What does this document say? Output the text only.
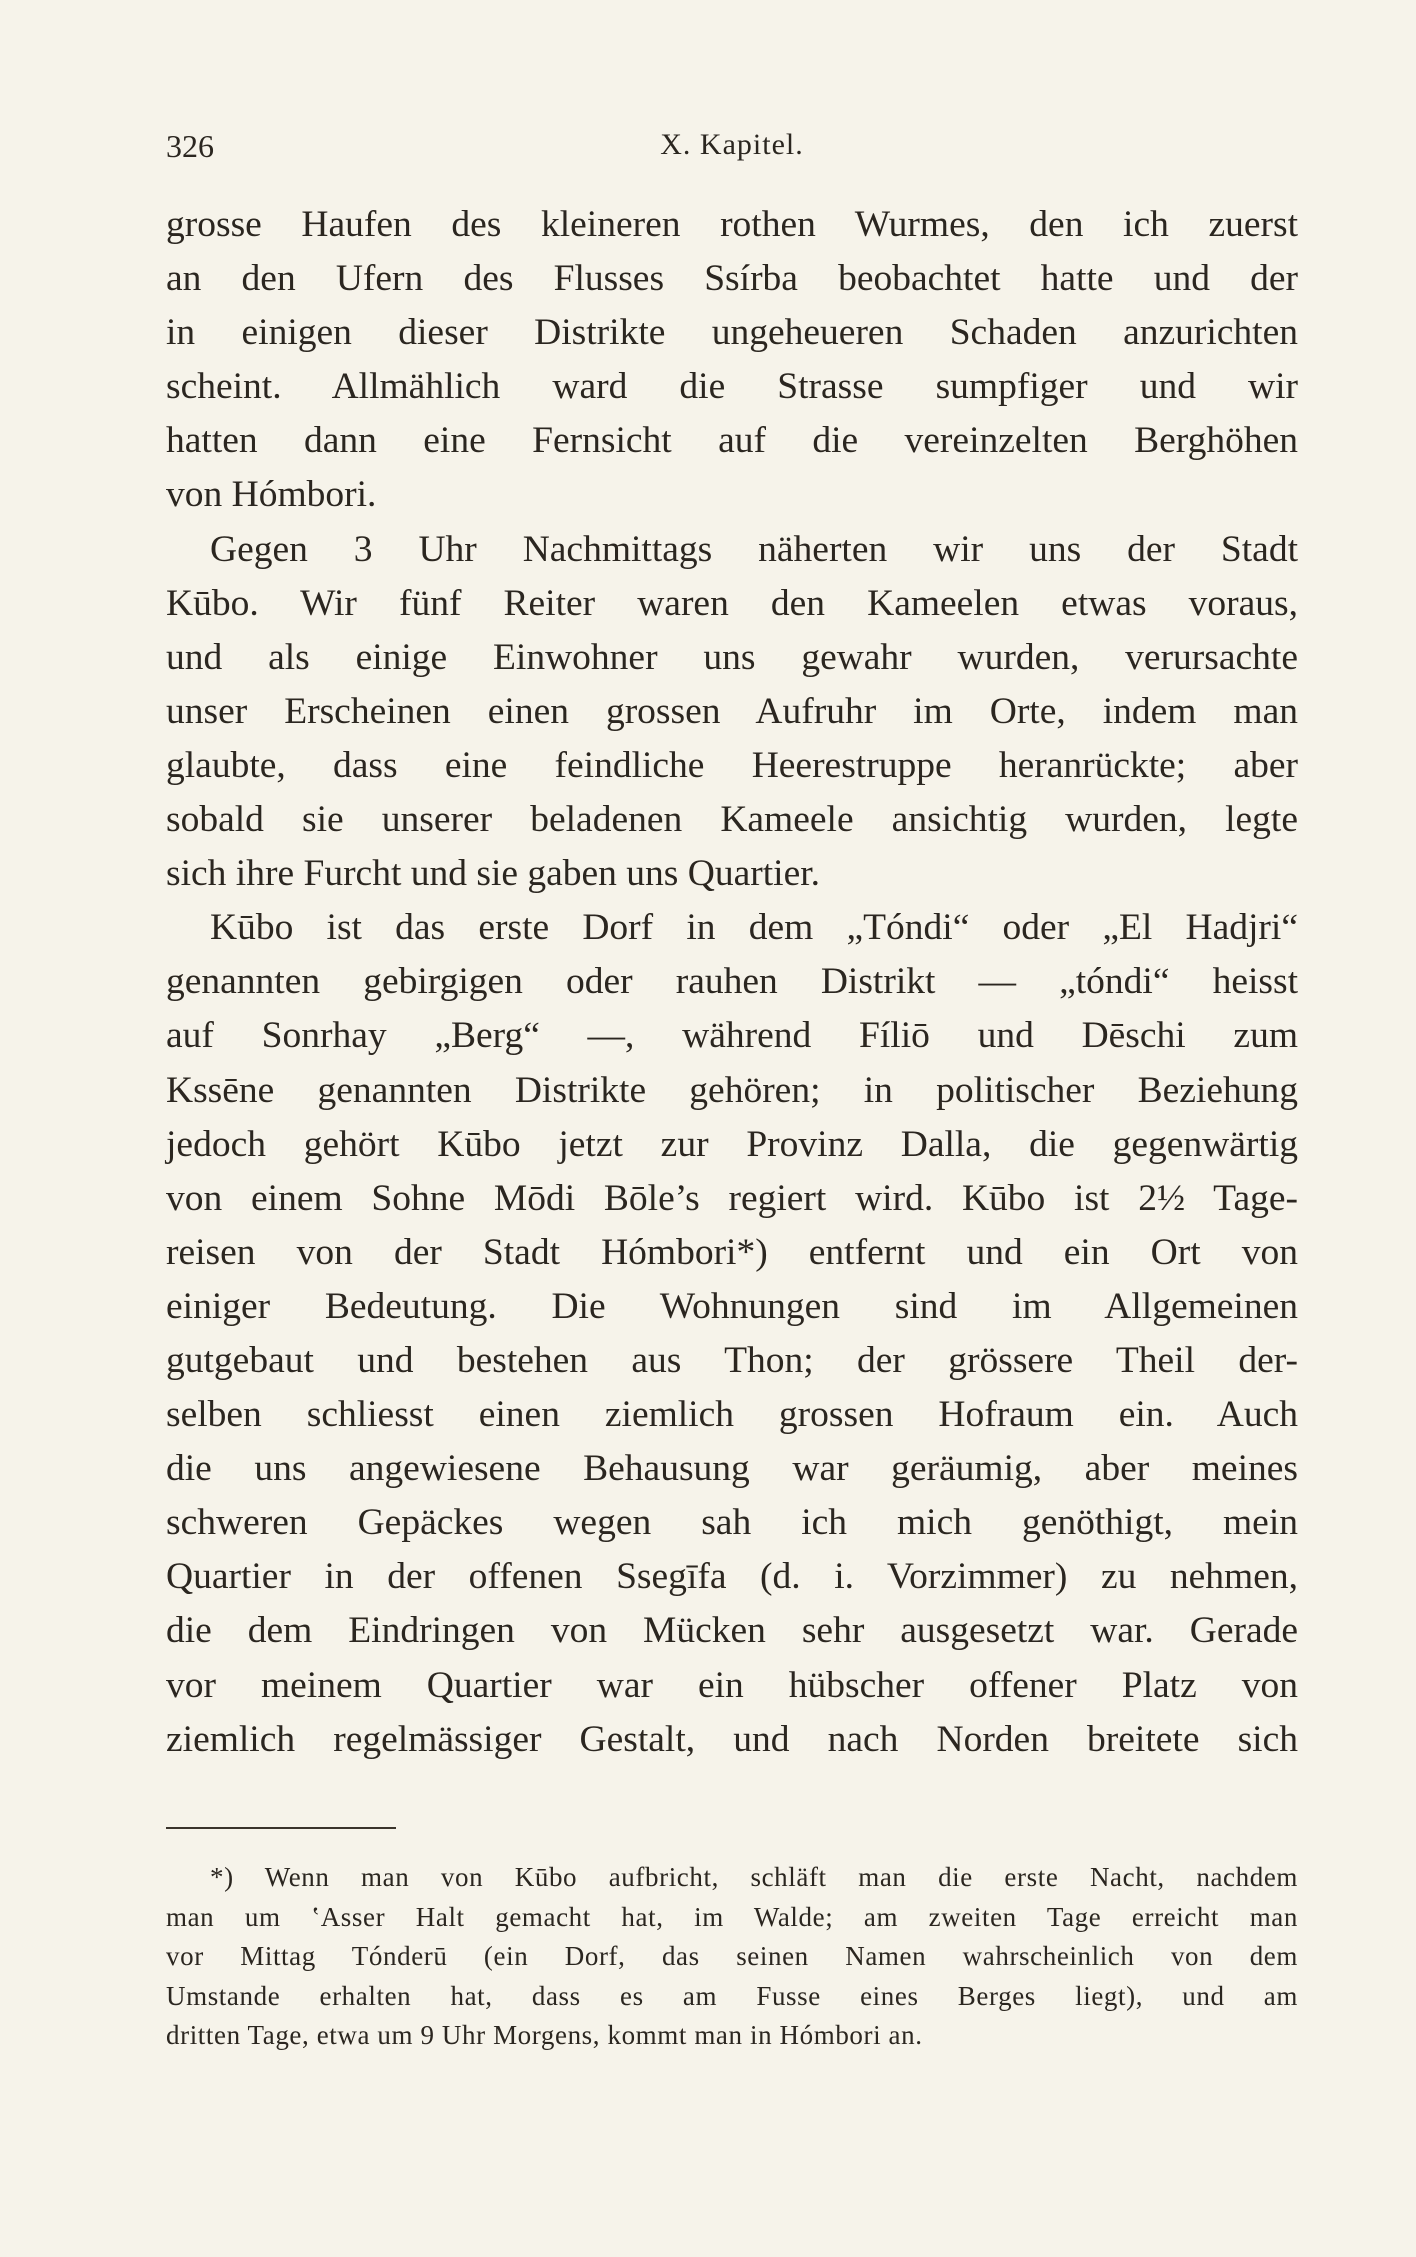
X. Kapitel.
326
grosse Haufen des kleineren rothen Wurmes, den ich zuerst
an den Ufern des Flusses Ssírba beobachtet hatte und der
in einigen dieser Distrikte ungeheueren Schaden anzurichten
scheint. Allmählich ward die Strasse sumpfiger und wir
hatten dann eine Fernsicht auf die vereinzelten Berghöhen
von Hómbori.
Gegen 3 Uhr Nachmittags näherten wir uns der Stadt
Kūbo. Wir fünf Reiter waren den Kameelen etwas voraus,
und als einige Einwohner uns gewahr wurden, verursachte
unser Erscheinen einen grossen Aufruhr im Orte, indem man
glaubte, dass eine feindliche Heerestruppe heranrückte; aber
sobald sie unserer beladenen Kameele ansichtig wurden, legte
sich ihre Furcht und sie gaben uns Quartier.
Kūbo ist das erste Dorf in dem „Tóndi“ oder „El Hadjri“
genannten gebirgigen oder rauhen Distrikt — „tóndi“ heisst
auf Sonrhay „Berg“ —, während Fíliō und Dēschi zum
Kssēne genannten Distrikte gehören; in politischer Beziehung
jedoch gehört Kūbo jetzt zur Provinz Dalla, die gegenwärtig
von einem Sohne Mōdi Bōle’s regiert wird. Kūbo ist 2½ Tage-
reisen von der Stadt Hómbori*) entfernt und ein Ort von
einiger Bedeutung. Die Wohnungen sind im Allgemeinen
gutgebaut und bestehen aus Thon; der grössere Theil der-
selben schliesst einen ziemlich grossen Hofraum ein. Auch
die uns angewiesene Behausung war geräumig, aber meines
schweren Gepäckes wegen sah ich mich genöthigt, mein
Quartier in der offenen Ssegīfa (d. i. Vorzimmer) zu nehmen,
die dem Eindringen von Mücken sehr ausgesetzt war. Gerade
vor meinem Quartier war ein hübscher offener Platz von
ziemlich regelmässiger Gestalt, und nach Norden breitete sich
*) Wenn man von Kūbo aufbricht, schläft man die erste Nacht, nachdem
man um ʽAsser Halt gemacht hat, im Walde; am zweiten Tage erreicht man
vor Mittag Tónderū (ein Dorf, das seinen Namen wahrscheinlich von dem
Umstande erhalten hat, dass es am Fusse eines Berges liegt), und am
dritten Tage, etwa um 9 Uhr Morgens, kommt man in Hómbori an.
